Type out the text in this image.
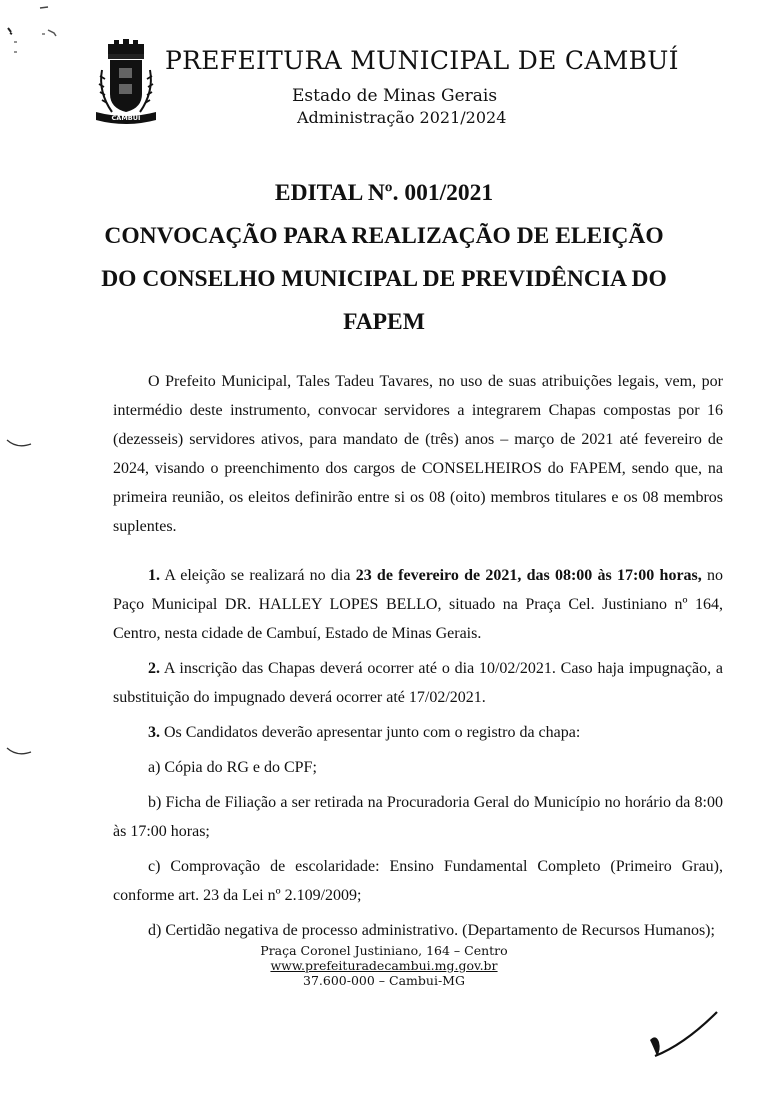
CAMBUÍ
PREFEITURA MUNICIPAL DE CAMBUÍ
Estado de Minas Gerais
Administração 2021/2024
EDITAL Nº. 001/2021
CONVOCAÇÃO PARA REALIZAÇÃO DE ELEIÇÃO
DO CONSELHO MUNICIPAL DE PREVIDÊNCIA DO
FAPEM

O Prefeito Municipal, Tales Tadeu Tavares, no uso de suas atribuições legais, vem, por intermédio deste instrumento, convocar servidores a integrarem Chapas compostas por 16 (dezesseis) servidores ativos, para mandato de (três) anos – março de 2021 até fevereiro de 2024, visando o preenchimento dos cargos de CONSELHEIROS do FAPEM, sendo que, na primeira reunião, os eleitos definirão entre si os 08 (oito) membros titulares e os 08 membros suplentes.

1. A eleição se realizará no dia 23 de fevereiro de 2021, das 08:00 às 17:00 horas, no Paço Municipal DR. HALLEY LOPES BELLO, situado na Praça Cel. Justiniano nº 164, Centro, nesta cidade de Cambuí, Estado de Minas Gerais.

2. A inscrição das Chapas deverá ocorrer até o dia 10/02/2021. Caso haja impugnação, a substituição do impugnado deverá ocorrer até 17/02/2021.

3. Os Candidatos deverão apresentar junto com o registro da chapa:

a) Cópia do RG e do CPF;

b) Ficha de Filiação a ser retirada na Procuradoria Geral do Município no horário da 8:00 às 17:00 horas;

c) Comprovação de escolaridade: Ensino Fundamental Completo (Primeiro Grau), conforme art. 23 da Lei nº 2.109/2009;

d) Certidão negativa de processo administrativo. (Departamento de Recursos Humanos);

Praça Coronel Justiniano, 164 – Centro
www.prefeituradecambui.mg.gov.br
37.600-000 – Cambui-MG
